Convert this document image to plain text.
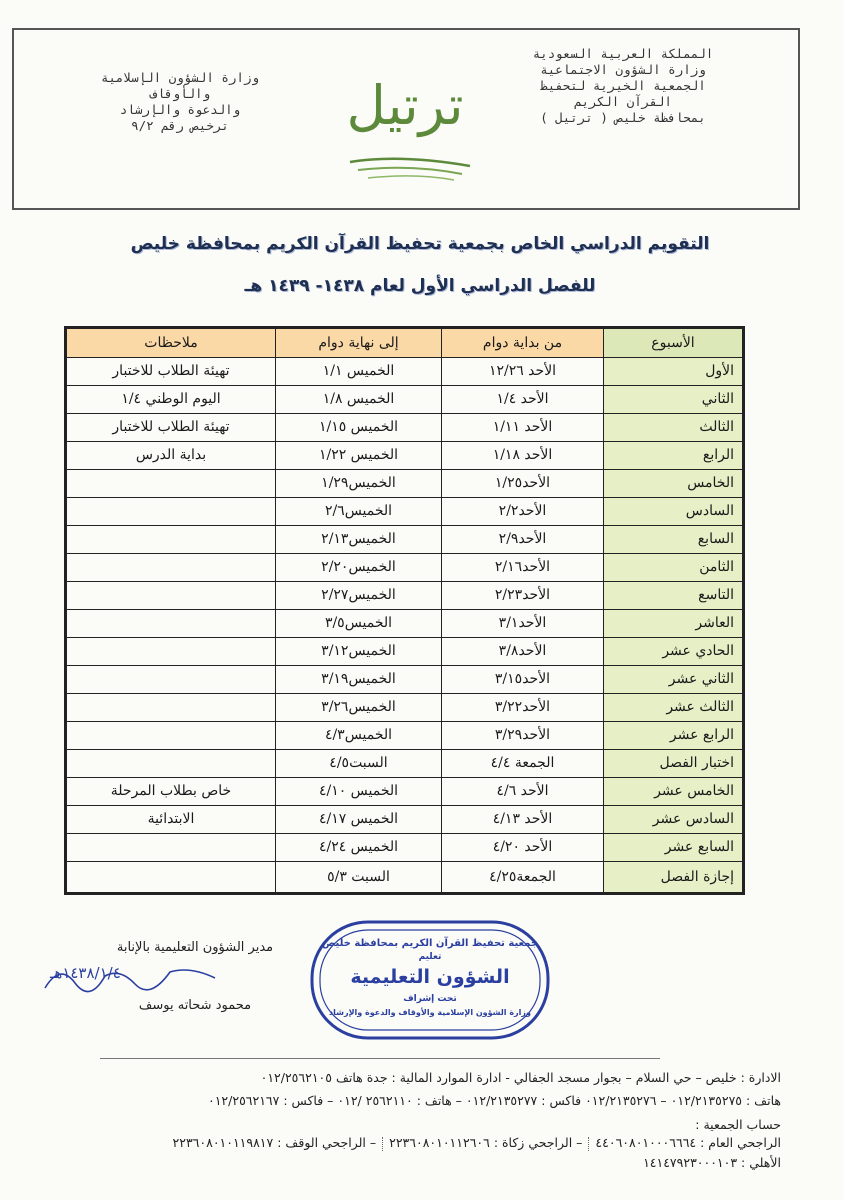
المملكة العربية السعودية
وزارة الشؤون الاجتماعية
الجمعية الخيرية لتحفيظ
القرآن الكريم
بمحافظة خليص ( ترتيل )
وزارة الشؤون الإسلامية
والأوقاف
والدعوة والإرشاد
ترخيص رقم ٩/٢	ترتيل
التقويم الدراسي الخاص بجمعية تحفيظ القرآن الكريم بمحافظة خليص
للفصل الدراسي الأول لعام ١٤٣٨- ١٤٣٩ هـ
الأسبوع	من بداية دوام	إلى نهاية دوام	ملاحظات
الأول	الأحد ١٢/٢٦	الخميس ١/١	تهيئة الطلاب للاختبار
الثاني	الأحد ١/٤	الخميس ١/٨	اليوم الوطني ١/٤
الثالث	الأحد ١/١١	الخميس ١/١٥	تهيئة الطلاب للاختبار
الرابع	الأحد ١/١٨	الخميس ١/٢٢	بداية الدرس
الخامس	الأحد١/٢٥	الخميس١/٢٩	
السادس	الأحد٢/٢	الخميس٢/٦	
السابع	الأحد٢/٩	الخميس٢/١٣	
الثامن	الأحد٢/١٦	الخميس٢/٢٠	
التاسع	الأحد٢/٢٣	الخميس٢/٢٧	
العاشر	الأحد٣/١	الخميس٣/٥	
الحادي عشر	الأحد٣/٨	الخميس٣/١٢	
الثاني عشر	الأحد٣/١٥	الخميس٣/١٩	
الثالث عشر	الأحد٣/٢٢	الخميس٣/٢٦	
الرابع عشر	الأحد٣/٢٩	الخميس٤/٣	
اختبار الفصل	الجمعة ٤/٤	السبت٤/٥	
الخامس عشر	الأحد ٤/٦	الخميس ٤/١٠	خاص بطلاب المرحلة
السادس عشر	الأحد ٤/١٣	الخميس ٤/١٧	الابتدائية
السابع عشر	الأحد ٤/٢٠	الخميس ٤/٢٤	
إجازة الفصل	الجمعة٤/٢٥	السبت ٥/٣	
مدير الشؤون التعليمية بالإنابة
١٤٣٨/١/٤هـ
محمود شحاته يوسف
جمعية تحفيظ القرآن الكريم بمحافظة خليص
تعليم
الشؤون التعليمية
تحت إشراف
وزارة الشؤون الإسلامية والأوقاف والدعوة والإرشاد
الادارة : خليص – حي السلام – بجوار مسجد الجفالي - ادارة الموارد المالية : جدة هاتف ٠١٢/٢٥٦٢١٠٥
هاتف : ٠١٢/٢١٣٥٢٧٥ – ٠١٢/٢١٣٥٢٧٦ فاكس : ٠١٢/٢١٣٥٢٧٧ – هاتف : ٢٥٦٢١١٠ /٠١٢ – فاكس : ٠١٢/٢٥٦٢١٦٧
حساب الجمعية :
الراجحي العام : ٤٤٠٦٠٨٠١٠٠٠٦٦٦٤– الراجحي زكاة : ٢٢٣٦٠٨٠١٠١١٢٦٠٦– الراجحي الوقف : ٢٢٣٦٠٨٠١٠١١٩٨١٧
الأهلي : ١٤١٤٧٩٢٣٠٠٠١٠٣
